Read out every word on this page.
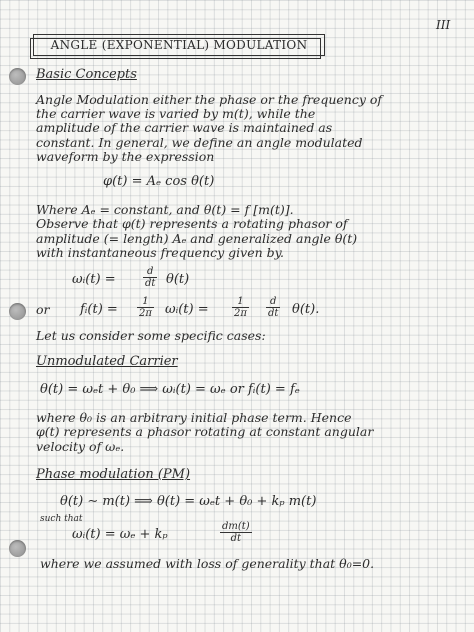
III
ANGLE (EXPONENTIAL) MODULATION
Basic Concepts
Angle Modulation either the phase or the frequency of
the carrier wave is varied by m(t), while the
amplitude of the carrier wave is maintained as
constant. In general, we define an angle modulated
waveform by the expression
φ(t) = Aₑ cos θ(t)
Where Aₑ = constant, and θ(t) = f [m(t)].
Observe that φ(t) represents a rotating phasor of
amplitude (= length) Aₑ and generalized angle θ(t)
with instantaneous frequency given by.
ωᵢ(t) =	$\frac{d}{dt} \theta(t)$
or fᵢ(t) = $\frac{1}{2\pi}$ ωᵢ(t) = $\frac{1}{2\pi} \frac{d}{dt} \theta(t)$.
Let us consider some specific cases:
Unmodulated Carrier
θ(t) = ωₑt + θ₀ ⟹ ωᵢ(t) = ωₑ or fᵢ(t) = fₑ
where θ₀ is an arbitrary initial phase term. Hence
φ(t) represents a phasor rotating at constant angular
velocity of ωₑ.
Phase modulation (PM)
θ(t) ∼ m(t) ⟹ θ(t) = ωₑt + θ₀ + kₚ m(t)
such that
ωᵢ(t) = ωₑ + kₚ	$\frac{dm(t)}{dt}$
where we assumed with loss of generality that θ₀=0.
